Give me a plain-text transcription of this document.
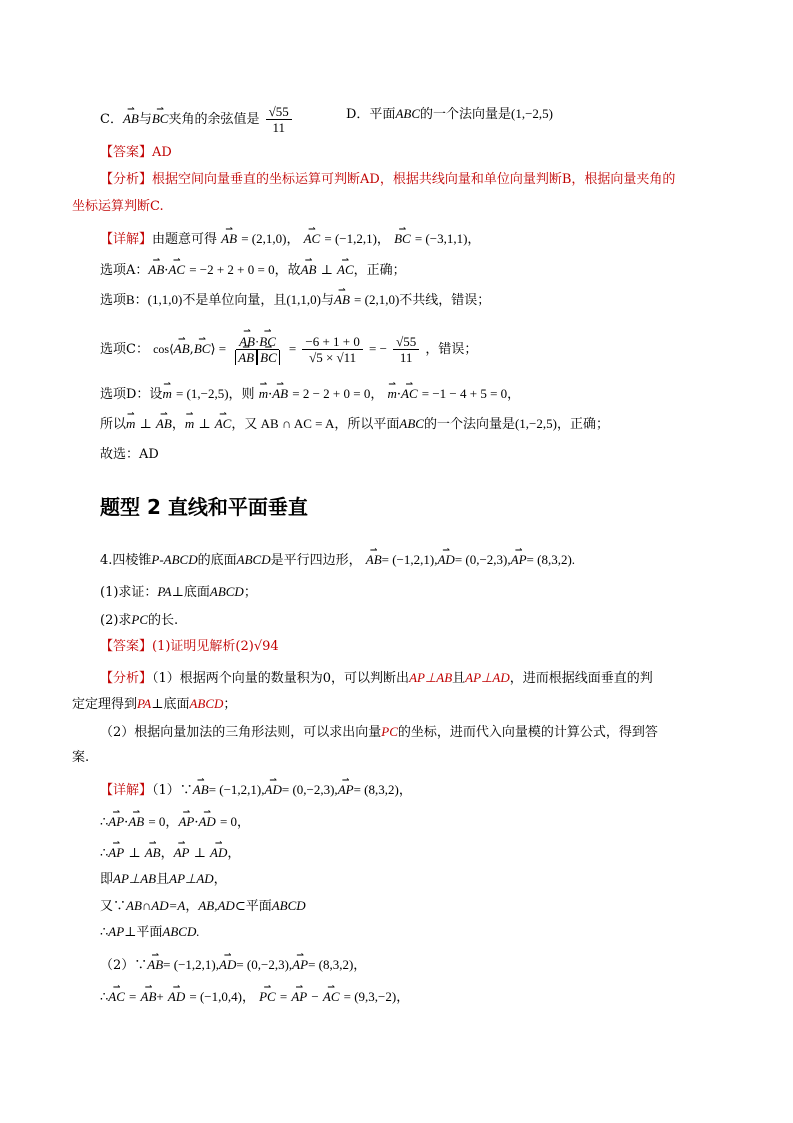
C．⇀ AB与⇀ BC夹角的余弦值是 $\frac{√55}{11}$	D．平面ABC的一个法向量是(1,−2,5)
【答案】AD
【分析】根据空间向量垂直的坐标运算可判断AD，根据共线向量和单位向量判断B，根据向量夹角的
坐标运算判断C.
【详解】由题意可得 ⇀ AB = (2,1,0)， ⇀ AC = (−1,2,1)， ⇀ BC = (−3,1,1)，
选项A：⇀ AB·⇀ AC = −2 + 2 + 0 = 0，故⇀ AB ⊥ ⇀ AC，正确；
选项B：(1,1,0)不是单位向量，且(1,1,0)与⇀ AB = (2,1,0)不共线，错误；
选项C： cos⟨⇀ AB,⇀ BC⟩ = ⇀ AB·⇀ BC
⇀ AB ⇀ BC = $\frac{-6 + 1 + 0}{√5 \times √11}$ = − $\frac{√55}{11}$ ，错误；
选项D：设⇀ m = (1,−2,5)，则 ⇀ m·⇀ AB = 2 − 2 + 0 = 0， ⇀ m·⇀ AC = −1 − 4 + 5 = 0，
所以⇀ m ⊥ ⇀ AB，⇀ m ⊥ ⇀ AC，又 AB ∩ AC = A，所以平面ABC的一个法向量是(1,−2,5)，正确；
故选：AD
题型 2 直线和平面垂直
4.四棱锥P-ABCD的底面ABCD是平行四边形， ⇀ AB= (−1,2,1),⇀ AD= (0,−2,3),⇀ AP= (8,3,2).
(1)求证：PA⊥底面ABCD；
(2)求PC的长.
【答案】(1)证明见解析(2)√94
【分析】（1）根据两个向量的数量积为0，可以判断出AP⊥AB且AP⊥AD，进而根据线面垂直的判
定定理得到PA⊥底面ABCD；
（2）根据向量加法的三角形法则，可以求出向量PC的坐标，进而代入向量模的计算公式，得到答
案.
【详解】（1）∵⇀ AB= (−1,2,1),⇀ AD= (0,−2,3),⇀ AP= (8,3,2)，
∴⇀ AP·⇀ AB = 0，⇀ AP·⇀ AD = 0，
∴⇀ AP ⊥ ⇀ AB，⇀ AP ⊥ ⇀ AD，
即AP⊥AB且AP⊥AD，
又∵AB∩AD=A，AB,AD⊂平面ABCD
∴AP⊥平面ABCD.
（2）∵⇀ AB= (−1,2,1),⇀ AD= (0,−2,3),⇀ AP= (8,3,2)，
∴⇀ AC = ⇀ AB+ ⇀ AD = (−1,0,4)， ⇀ PC = ⇀ AP − ⇀ AC = (9,3,−2)，
